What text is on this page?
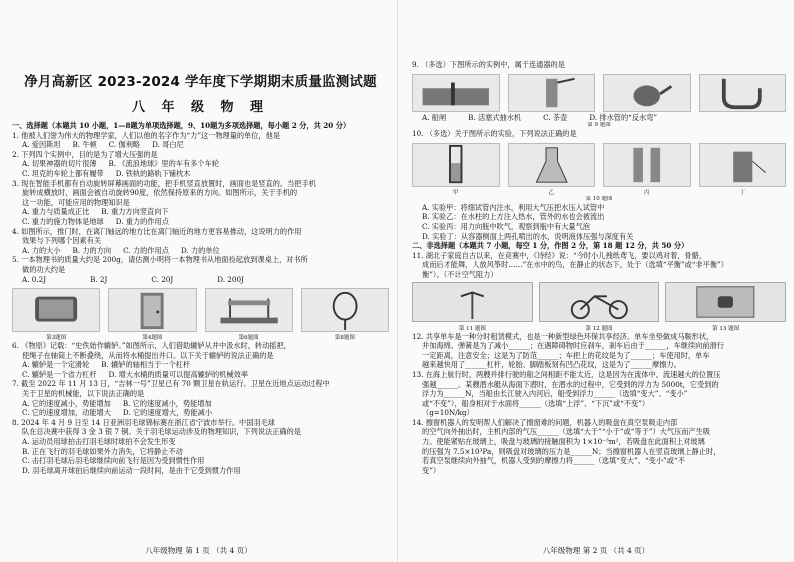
净月高新区 2023-2024 学年度下学期期末质量监测试题
八 年 级 物 理
一、选择题（本题共 10 小题，1—8题为单项选择题，9、10题为多项选择题，每小题 2 分，共 20 分）
1. 他被人们誉为伟大的物理学家，人们以他的名字作为“力”这一物理量的单位，他是
A. 爱因斯坦 B. 牛顿 C. 伽利略 D. 哥白尼
2. 下列四个实例中，目的是为了增大压强的是
A. 切果神器的切片很薄 B. 《流浪地球》里的车有多个车轮
C. 坦克的车轮上都有履带 D. 铁轨的路轨下铺枕木
3. 现在智能手机都有自动旋转屏幕画面的功能，把手机竖直放置时，画面也是竖直的。当把手机
旋转成横放时，画面会被自动旋转90度，依然保持原来的方向。如图所示，关于手机的
这一功能，可能应用的物理知识是
A. 重力与质量成正比 B. 重力方向竖直向下
C. 重力的施力物体是地球 D. 重力的作用点
4. 如图所示，推门时，在离门轴远的地方比在离门轴近的地方更容易推动，这说明力的作用
效果与下列哪个因素有关
A. 力的大小 B. 力的方向 C. 力的作用点 D. 力的单位
5. 一本物理书的质量大约是 200g，请估测小明将一本物理书从地面捡起放到课桌上，对书所
做的功大约是
A. 0.2J	B. 2J	C. 20J	D. 200J
第3题图	第4题图	第6题图	第8题图
6. 《物原》记载：“史佚始作辘轳。”如图所示，人们借助辘轳从井中汲水时，转动摇把，
使绳子在轴筒上不断叠绕，从而将水桶提出井口。以下关于辘轳的说法正确的是
A. 辘轳是一个定滑轮 B. 辘轳的轴相当于一个杠杆
C. 辘轳是一个省力杠杆 D. 增大水桶的质量可以提高辘轳的机械效率
7. 截至 2022 年 11 月 13 日，“吉林一号”卫星已有 70 颗卫星在轨运行。卫星在近地点运动过程中
关于卫星的机械能，以下说法正确的是
A. 它的速度减小，势能增加 B. 它的速度减小，势能增加
C. 它的速度增加，动能增大 D. 它的速度增大，势能减小
8. 2024 年 4 月 9 日至 14 日亚洲羽毛球锦标赛在浙江省宁波市举行。中国羽毛球
队在总决赛中获得 3 金 3 银 7 铜。关于羽毛球运动涉及的物理知识，下列说法正确的是
A. 运动员用球拍击打羽毛球时球拍不会发生形变
B. 正在飞行的羽毛球如果外力消失，它将静止不动
C. 击打羽毛球后羽毛球继续向前飞行是因为受到惯性作用
D. 羽毛球离开球拍后继续向前运动一段时间，是由于它受到惯力作用
八年级物理 第 1 页 （共 4 页）
9. （多选）下图所示的实例中，属于连通器的是
A. 船闸	B. 活塞式抽水机	C. 茶壶	D. 排水管的“反水弯”
第 9 题图
10. （多选）关于图所示的实验，下列说法正确的是
甲	乙	丙	丁
第 10 题图
A. 实验甲：将细试管内注水，利用大气压把水压入试管中
B. 实验乙：在水柱的上方注入热水，管外的水也会被流出
C. 实验丙：用力向瓶中吹气，观察到瓶中有大量气泡
D. 实验丁：从容器侧面上两孔喷出的水，说明液体压强与深度有关
二、非选择题（本题共 7 小题，每空 1 分，作图 2 分，第 18 题 12 分，共 50 分）
11. 湖北子家庭自古以来，在竞赛中，《诗经》说：“今时小儿拽纸鸢飞，要以鸡对着，骨骼，
成而后才能舞，人放风筝时……”在水中的鸟，在静止的状态下，处于（选填“平衡”或“非平衡”）
衡”）。（不计空气阻力）
第 11 题图	第 12 题图	第 13 题图
12. 共享单车是一种分时租赁模式，也是一种新型绿色环保共享经济。单车坐垫做成马鞍形状，
并加海绵、弹簧是为了减小______；在遇障碍物时应刹车，刹车后由于______，车继续向前滑行
一定距离，注意安全；这是为了防范______；车把上的花纹是为了______；车使用时，单车
越来越快用了______杠杆，轮胎、脚踏板刻有凹凸花纹，这是为了______摩擦力。
13. 在海上航行时，两艘并排行驶的船之间相距不能太近，这是因为在流体中，流速越大的位置压
强越______。某艘潜水艇从海面下潜时，在潜水的过程中，它受到的浮力为 5000t，它受到的
浮力为______N，当船由长江驶入内河后，船受到浮力______（选填“变大”、“变小”
或“不变”），船身相对于水面将______（选填“上浮”、“下沉”或“不变”）
（g=10N/kg）
14. 擦窗机器人的发明帮人们解决了擦窗难的问题，机器人的吸盘在真空泵吸走内部
的空气向外抽出时，主机内部的气压______（选填“大于”“小于”或“等于”）大气压而产生吸
力。使能紧贴在玻璃上，吸盘与玻璃的接触面积为 1×10⁻³m²，若吸盘在此面积上对玻璃
的压强为 7.5×10³Pa，则吸盘对玻璃的压力是______N；当擦窗机器人在竖直玻璃上静止时，
若真空泵继续向外抽气，机器人受到的摩擦力将______（选填“变大”、“变小”或“不
变”）
八年级物理 第 2 页 （共 4 页）
